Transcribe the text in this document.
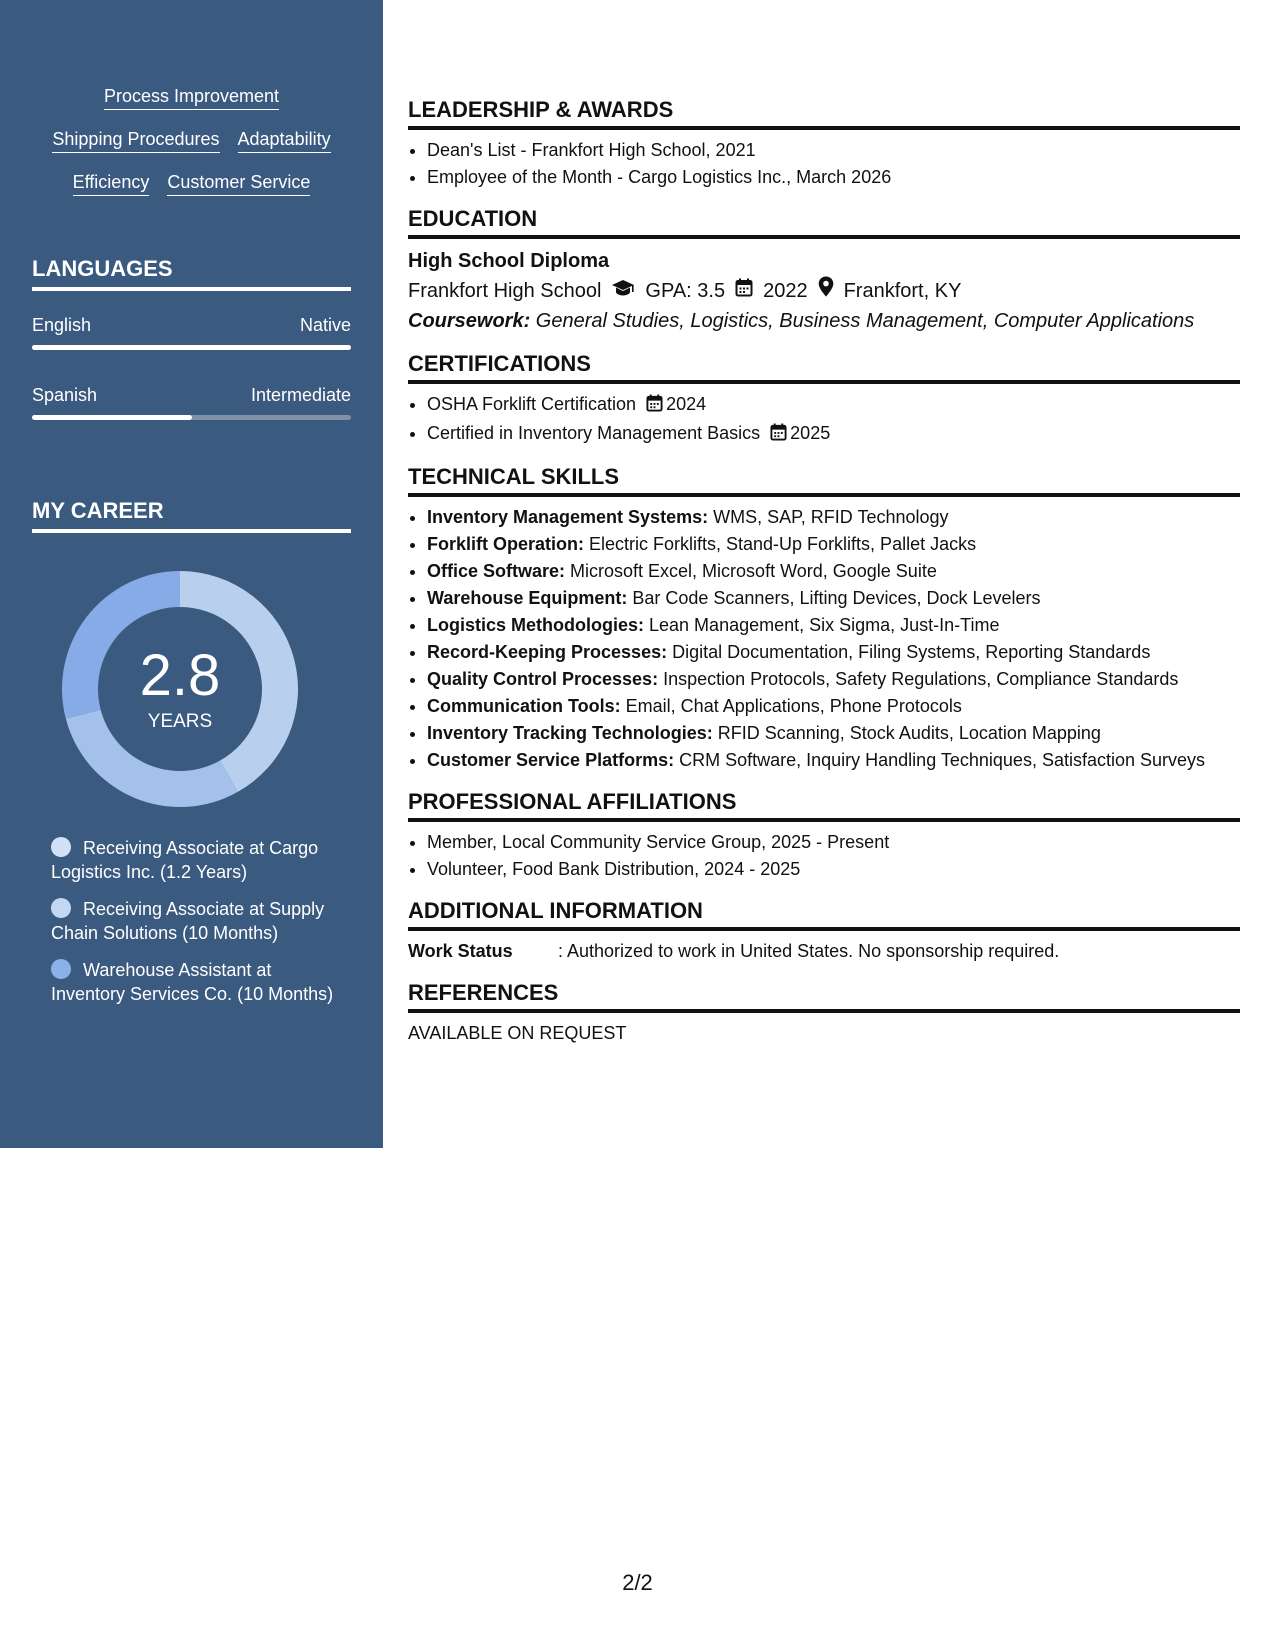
Process Improvement
Shipping Procedures Adaptability
Efficiency Customer Service
LANGUAGES
English	Native
Spanish	Intermediate
MY CAREER
2.8
YEARS
Receiving Associate at Cargo Logistics Inc. (1.2 Years)
Receiving Associate at Supply Chain Solutions (10 Months)
Warehouse Assistant at Inventory Services Co. (10 Months)
LEADERSHIP & AWARDS
• Dean's List - Frankfort High School, 2021
• Employee of the Month - Cargo Logistics Inc., March 2026
EDUCATION
High School Diploma
Frankfort High School GPA: 3.5 2022 Frankfort, KY
Coursework: General Studies, Logistics, Business Management, Computer Applications
CERTIFICATIONS
• OSHA Forklift Certification 2024
• Certified in Inventory Management Basics 2025
TECHNICAL SKILLS
• Inventory Management Systems: WMS, SAP, RFID Technology
• Forklift Operation: Electric Forklifts, Stand-Up Forklifts, Pallet Jacks
• Office Software: Microsoft Excel, Microsoft Word, Google Suite
• Warehouse Equipment: Bar Code Scanners, Lifting Devices, Dock Levelers
• Logistics Methodologies: Lean Management, Six Sigma, Just-In-Time
• Record-Keeping Processes: Digital Documentation, Filing Systems, Reporting Standards
• Quality Control Processes: Inspection Protocols, Safety Regulations, Compliance Standards
• Communication Tools: Email, Chat Applications, Phone Protocols
• Inventory Tracking Technologies: RFID Scanning, Stock Audits, Location Mapping
• Customer Service Platforms: CRM Software, Inquiry Handling Techniques, Satisfaction Surveys
PROFESSIONAL AFFILIATIONS
• Member, Local Community Service Group, 2025 - Present
• Volunteer, Food Bank Distribution, 2024 - 2025
ADDITIONAL INFORMATION
Work Status	: Authorized to work in United States. No sponsorship required.
REFERENCES
AVAILABLE ON REQUEST
2/2
